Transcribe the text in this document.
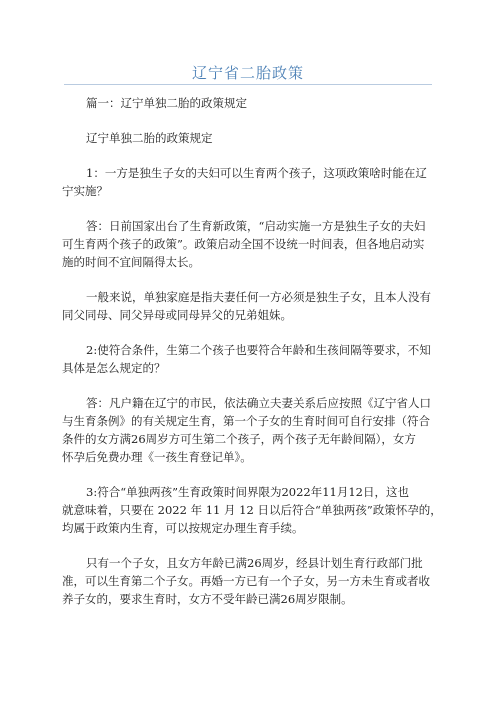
辽宁省二胎政策
篇一：辽宁单独二胎的政策规定
辽宁单独二胎的政策规定
1：一方是独生子女的夫妇可以生育两个孩子，这项政策啥时能在辽
宁实施？
答：日前国家出台了生育新政策，“启动实施一方是独生子女的夫妇
可生育两个孩子的政策”。政策启动全国不设统一时间表，但各地启动实
施的时间不宜间隔得太长。
一般来说，单独家庭是指夫妻任何一方必须是独生子女，且本人没有
同父同母、同父异母或同母异父的兄弟姐妹。
2:使符合条件，生第二个孩子也要符合年龄和生孩间隔等要求，不知
具体是怎么规定的？
答：凡户籍在辽宁的市民，依法确立夫妻关系后应按照《辽宁省人口
与生育条例》的有关规定生育，第一个子女的生育时间可自行安排（符合
条件的女方满26周岁方可生第二个孩子，两个孩子无年龄间隔），女方
怀孕后免费办理《一孩生育登记单》。
3:符合“单独两孩”生育政策时间界限为2022年11月12日，这也
就意味着，只要在 2022 年 11 月 12 日以后符合“单独两孩”政策怀孕的，
均属于政策内生育，可以按规定办理生育手续。
只有一个子女，且女方年龄已满26周岁，经县计划生育行政部门批
准，可以生育第二个子女。再婚一方已有一个子女，另一方未生育或者收
养子女的，要求生育时，女方不受年龄已满26周岁限制。
